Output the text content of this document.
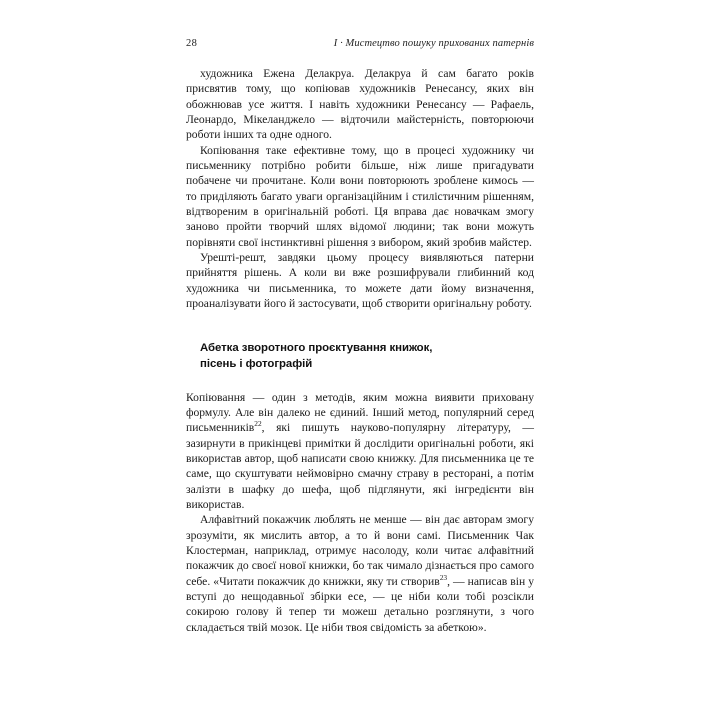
28	I · Мистецтво пошуку прихованих патернів

художника Ежена Делакруа. Делакруа й сам багато років присвятив тому, що копіював художників Ренесансу, яких він обожнював усе життя. І навіть художники Ренесансу — Рафаель, Леонардо, Мікеланджело — відточили майстерність, повторюючи роботи інших та одне одного.

Копіювання таке ефективне тому, що в процесі художнику чи письменнику потрібно робити більше, ніж лише пригадувати побачене чи прочитане. Коли вони повторюють зроблене кимось — то приділяють багато уваги організаційним і стилістичним рішенням, відтвореним в оригінальній роботі. Ця вправа дає новачкам змогу заново пройти творчий шлях відомої людини; так вони можуть порівняти свої інстинктивні рішення з вибором, який зробив майстер.

Урешті-решт, завдяки цьому процесу виявляються патерни прийняття рішень. А коли ви вже розшифрували глибинний код художника чи письменника, то можете дати йому визначення, проаналізувати його й застосувати, щоб створити оригінальну роботу.

Абетка зворотного проєктування книжок,
пісень і фотографій

Копіювання — один з методів, яким можна виявити приховану формулу. Але він далеко не єдиний. Інший метод, популярний серед письменників$^{22}$, які пишуть науково-популярну літературу, — зазирнути в прикінцеві примітки й дослідити оригінальні роботи, які використав автор, щоб написати свою книжку. Для письменника це те саме, що скуштувати неймовірно смачну страву в ресторані, а потім залізти в шафку до шефа, щоб підглянути, які інгредієнти він використав.

Алфавітний покажчик люблять не менше — він дає авторам змогу зрозуміти, як мислить автор, а то й вони самі. Письменник Чак Клостерман, наприклад, отримує насолоду, коли читає алфавітний покажчик до своєї нової книжки, бо так чимало дізнається про самого себе. «Читати покажчик до книжки, яку ти створив$^{23}$, — написав він у вступі до нещодавньої збірки есе, — це ніби коли тобі розсікли сокирою голову й тепер ти можеш детально розглянути, з чого складається твій мозок. Це ніби твоя свідомість за абеткою».
